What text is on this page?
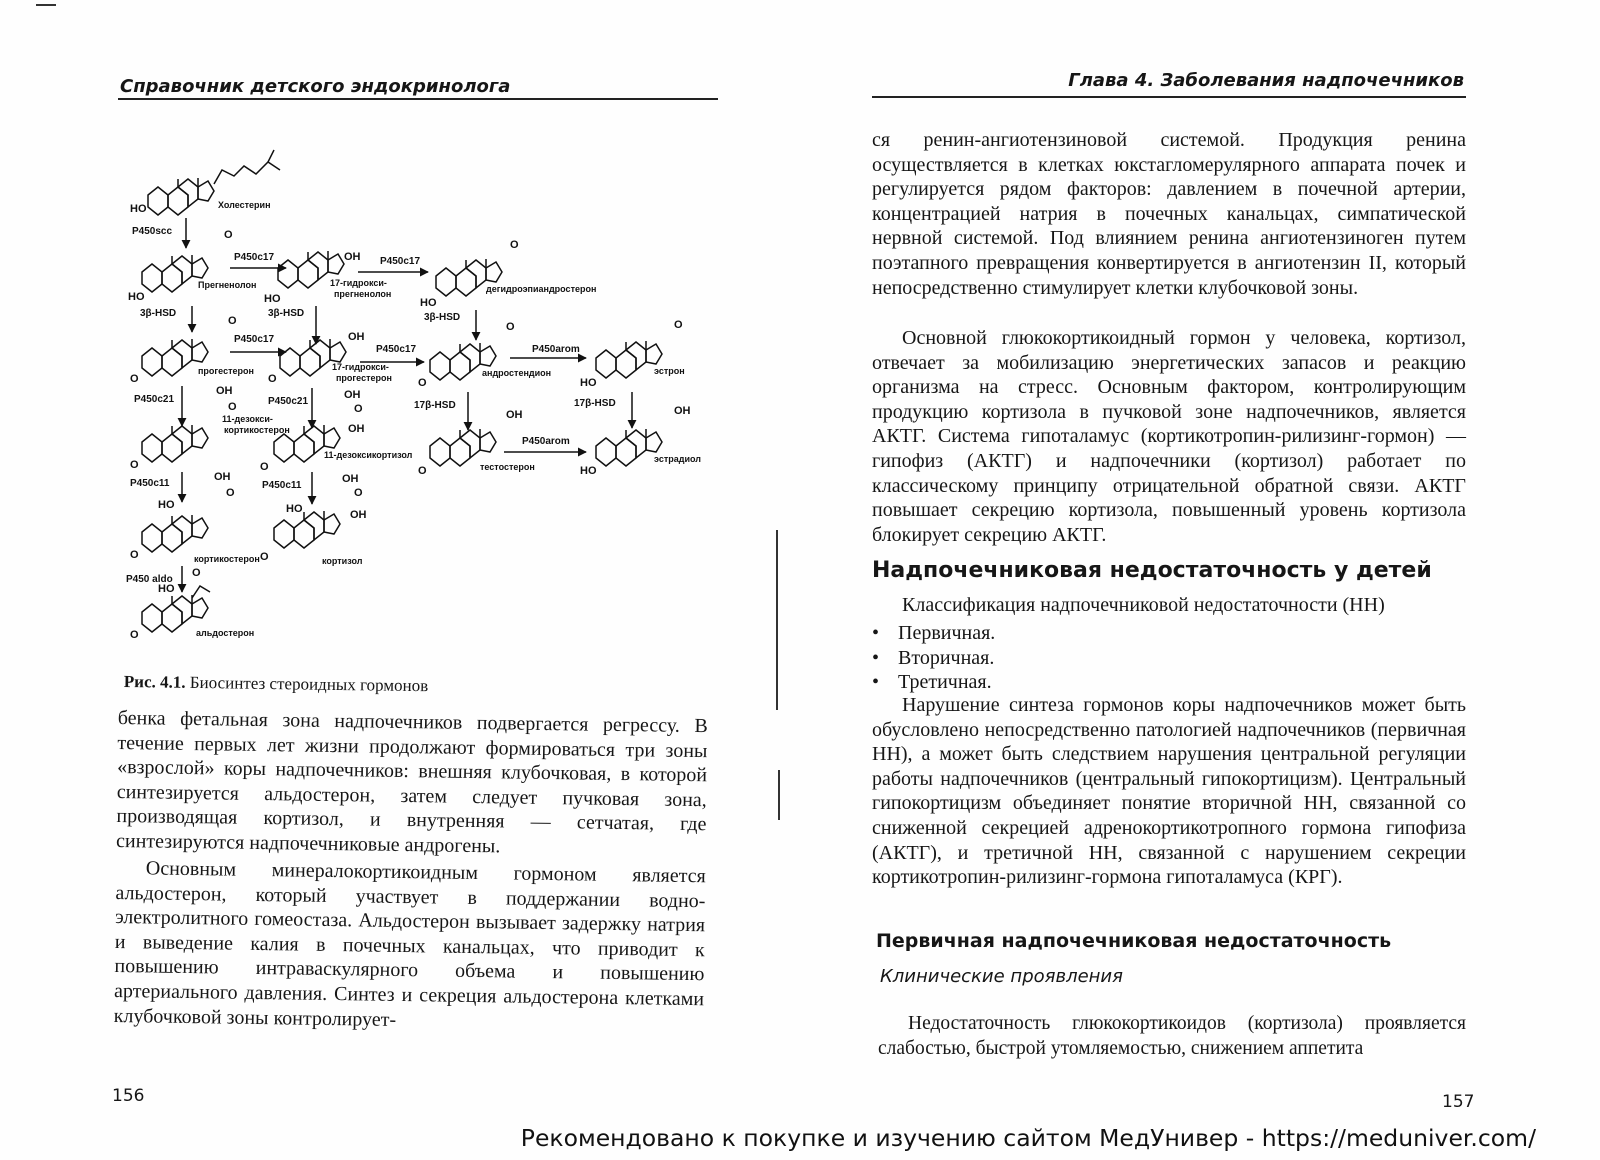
Справочник детского эндокринолога
HO	Холестерин
P450scc
HO
O
Прегненолон
P450c17
HO
OH
17-гидрокси-
прегненолон
P450c17
HO
O
дегидроэпиандростерон
3β-HSD	3β-HSD	3β-HSD
O
O
прогестерон
P450c17
O
OH
17-гидрокси-
прогестерон
P450c17
O
O
андростендион
P450arom
HO
O
эстрон
P450c21	P450c21	17β-HSD	17β-HSD
O
OH
O
11-дезокси-
кортикостерон
O
OH
O
OH
11-дезоксикортизол
O
OH
тестостерон
P450arom
HO
OH
эстрадиол
P450c11	P450c11
O
HO
OH
O
кортикостерон O
HO
OH
O
OH
кортизол
P450 aldo
O
HO
O
альдостерон
Рис. 4.1. Биосинтез стероидных гормонов
бенка фетальная зона надпочечников подвергается регрессу. В течение первых лет жизни продолжают формироваться три зоны «взрослой» коры надпочечников: внешняя клубочковая, в которой синтезируется альдостерон, затем следует пучковая зона, производящая кортизол, и внутренняя — сетчатая, где синтезируются надпочечниковые андрогены.
Основным минералокортикоидным гормоном является альдостерон, который участвует в поддержании водно-электролитного гомеостаза. Альдостерон вызывает задержку натрия и выведение калия в почечных канальцах, что приводит к повышению интраваскулярного объема и повышению артериального давления. Синтез и секреция альдостерона клетками клубочковой зоны контролирует-
156
Глава 4. Заболевания надпочечников
ся ренин-ангиотензиновой системой. Продукция ренина осуществляется в клетках юкстагломерулярного аппарата почек и регулируется рядом факторов: давлением в почечной артерии, концентрацией натрия в почечных канальцах, симпатической нервной системой. Под влиянием ренина ангиотензиноген путем поэтапного превращения конвертируется в ангиотензин II, который непосредственно стимулирует клетки клубочковой зоны.
Основной глюкокортикоидный гормон у человека, кортизол, отвечает за мобилизацию энергетических запасов и реакцию организма на стресс. Основным фактором, контролирующим продукцию кортизола в пучковой зоне надпочечников, является АКТГ. Система гипоталамус (кортикотропин-рилизинг-гормон) — гипофиз (АКТГ) и надпочечники (кортизол) работает по классическому принципу отрицательной обратной связи. АКТГ повышает секрецию кортизола, повышенный уровень кортизола блокирует секрецию АКТГ.
Надпочечниковая недостаточность у детей
Классификация надпочечниковой недостаточности (НН)
• Первичная.
• Вторичная.
• Третичная.
Нарушение синтеза гормонов коры надпочечников может быть обусловлено непосредственно патологией надпочечников (первичная НН), а может быть следствием нарушения центральной регуляции работы надпочечников (центральный гипокортицизм). Центральный гипокортицизм объединяет понятие вторичной НН, связанной со сниженной секрецией адренокортикотропного гормона гипофиза (АКТГ), и третичной НН, связанной с нарушением секреции кортикотропин-рилизинг-гормона гипоталамуса (КРГ).
Первичная надпочечниковая недостаточность
Клинические проявления
Недостаточность глюкокортикоидов (кортизола) проявляется слабостью, быстрой утомляемостью, снижением аппетита
157
Рекомендовано к покупке и изучению сайтом МедУнивер - https://meduniver.com/
